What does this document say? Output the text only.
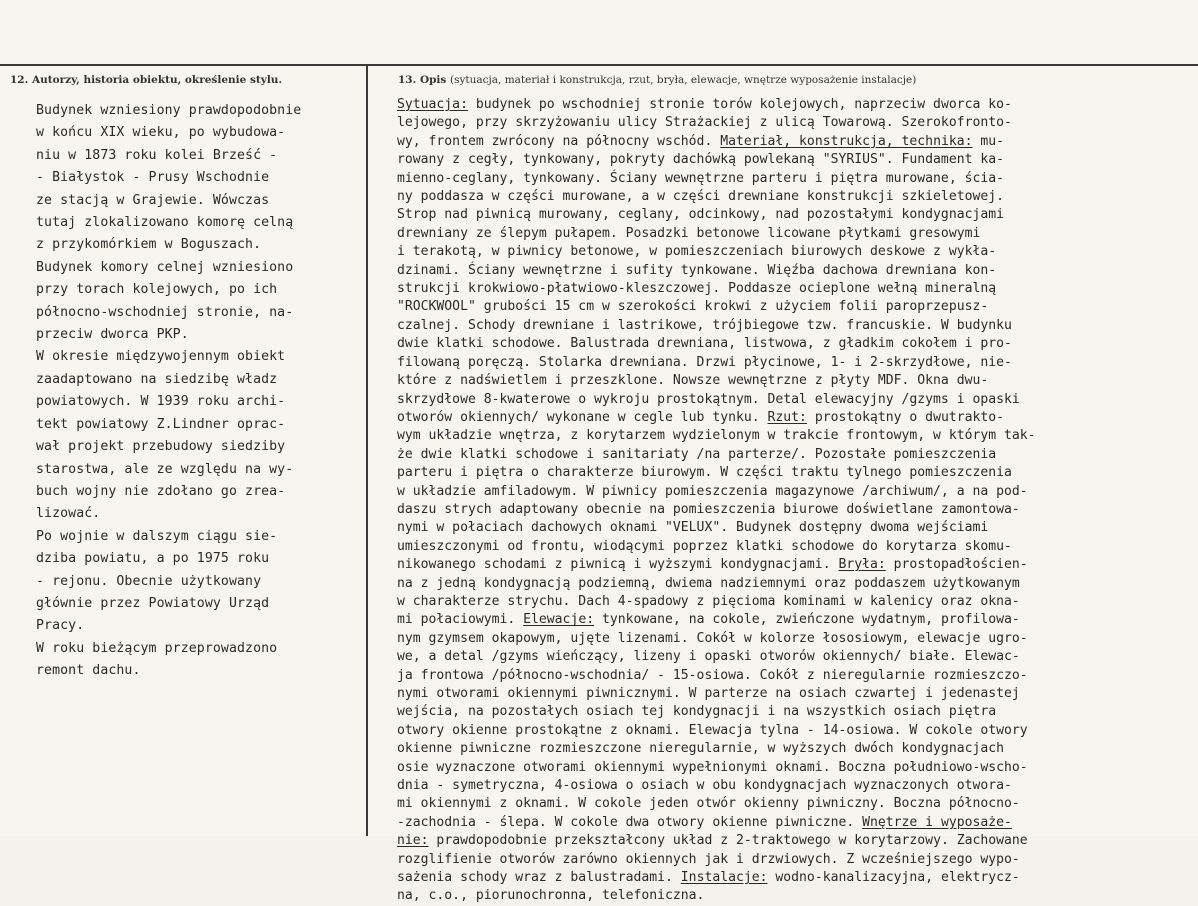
12. Autorzy, historia obiektu, określenie stylu.	13. Opis (sytuacja, materiał i konstrukcja, rzut, bryła, elewacje, wnętrze wyposażenie instalacje)
Budynek wzniesiony prawdopodobnie
w końcu XIX wieku, po wybudowa-
niu w 1873 roku kolei Brześć -
- Białystok - Prusy Wschodnie
ze stacją w Grajewie. Wówczas
tutaj zlokalizowano komorę celną
z przykomórkiem w Boguszach.
Budynek komory celnej wzniesiono
przy torach kolejowych, po ich
północno-wschodniej stronie, na-
przeciw dworca PKP.
W okresie międzywojennym obiekt
zaadaptowano na siedzibę władz
powiatowych. W 1939 roku archi-
tekt powiatowy Z.Lindner oprac-
wał projekt przebudowy siedziby
starostwa, ale ze względu na wy-
buch wojny nie zdołano go zrea-
lizować.
Po wojnie w dalszym ciągu sie-
dziba powiatu, a po 1975 roku
- rejonu. Obecnie użytkowany
głównie przez Powiatowy Urząd
Pracy.
W roku bieżącym przeprowadzono
remont dachu.
Sytuacja: budynek po wschodniej stronie torów kolejowych, naprzeciw dworca ko-
lejowego, przy skrzyżowaniu ulicy Strażackiej z ulicą Towarową. Szerokofronto-
wy, frontem zwrócony na północny wschód. Materiał, konstrukcja, technika: mu-
rowany z cegły, tynkowany, pokryty dachówką powlekaną "SYRIUS". Fundament ka-
mienno-ceglany, tynkowany. Ściany wewnętrzne parteru i piętra murowane, ścia-
ny poddasza w części murowane, a w części drewniane konstrukcji szkieletowej.
Strop nad piwnicą murowany, ceglany, odcinkowy, nad pozostałymi kondygnacjami
drewniany ze ślepym pułapem. Posadzki betonowe licowane płytkami gresowymi
i terakotą, w piwnicy betonowe, w pomieszczeniach biurowych deskowe z wykła-
dzinami. Ściany wewnętrzne i sufity tynkowane. Więźba dachowa drewniana kon-
strukcji krokwiowo-płatwiowo-kleszczowej. Poddasze ocieplone wełną mineralną
"ROCKWOOL" grubości 15 cm w szerokości krokwi z użyciem folii paroprzepusz-
czalnej. Schody drewniane i lastrikowe, trójbiegowe tzw. francuskie. W budynku
dwie klatki schodowe. Balustrada drewniana, listwowa, z gładkim cokołem i pro-
filowaną poręczą. Stolarka drewniana. Drzwi płycinowe, 1- i 2-skrzydłowe, nie-
które z nadświetlem i przeszklone. Nowsze wewnętrzne z płyty MDF. Okna dwu-
skrzydłowe 8-kwaterowe o wykroju prostokątnym. Detal elewacyjny /gzyms i opaski
otworów okiennych/ wykonane w cegle lub tynku. Rzut: prostokątny o dwutrakto-
wym układzie wnętrza, z korytarzem wydzielonym w trakcie frontowym, w którym tak-
że dwie klatki schodowe i sanitariaty /na parterze/. Pozostałe pomieszczenia
parteru i piętra o charakterze biurowym. W części traktu tylnego pomieszczenia
w układzie amfiladowym. W piwnicy pomieszczenia magazynowe /archiwum/, a na pod-
daszu strych adaptowany obecnie na pomieszczenia biurowe doświetlane zamontowa-
nymi w połaciach dachowych oknami "VELUX". Budynek dostępny dwoma wejściami
umieszczonymi od frontu, wiodącymi poprzez klatki schodowe do korytarza skomu-
nikowanego schodami z piwnicą i wyższymi kondygnacjami. Bryła: prostopadłościen-
na z jedną kondygnacją podziemną, dwiema nadziemnymi oraz poddaszem użytkowanym
w charakterze strychu. Dach 4-spadowy z pięcioma kominami w kalenicy oraz okna-
mi połaciowymi. Elewacje: tynkowane, na cokole, zwieńczone wydatnym, profilowa-
nym gzymsem okapowym, ujęte lizenami. Cokół w kolorze łososiowym, elewacje ugro-
we, a detal /gzyms wieńczący, lizeny i opaski otworów okiennych/ białe. Elewac-
ja frontowa /północno-wschodnia/ - 15-osiowa. Cokół z nieregularnie rozmieszczo-
nymi otworami okiennymi piwnicznymi. W parterze na osiach czwartej i jedenastej
wejścia, na pozostałych osiach tej kondygnacji i na wszystkich osiach piętra
otwory okienne prostokątne z oknami. Elewacja tylna - 14-osiowa. W cokole otwory
okienne piwniczne rozmieszczone nieregularnie, w wyższych dwóch kondygnacjach
osie wyznaczone otworami okiennymi wypełnionymi oknami. Boczna południowo-wscho-
dnia - symetryczna, 4-osiowa o osiach w obu kondygnacjach wyznaczonych otwora-
mi okiennymi z oknami. W cokole jeden otwór okienny piwniczny. Boczna północno-
-zachodnia - ślepa. W cokole dwa otwory okienne piwniczne. Wnętrze i wyposaże-
nie: prawdopodobnie przekształcony układ z 2-traktowego w korytarzowy. Zachowane
rozglifienie otworów zarówno okiennych jak i drzwiowych. Z wcześniejszego wypo-
sażenia schody wraz z balustradami. Instalacje: wodno-kanalizacyjna, elektrycz-
na, c.o., piorunochronna, telefoniczna.
